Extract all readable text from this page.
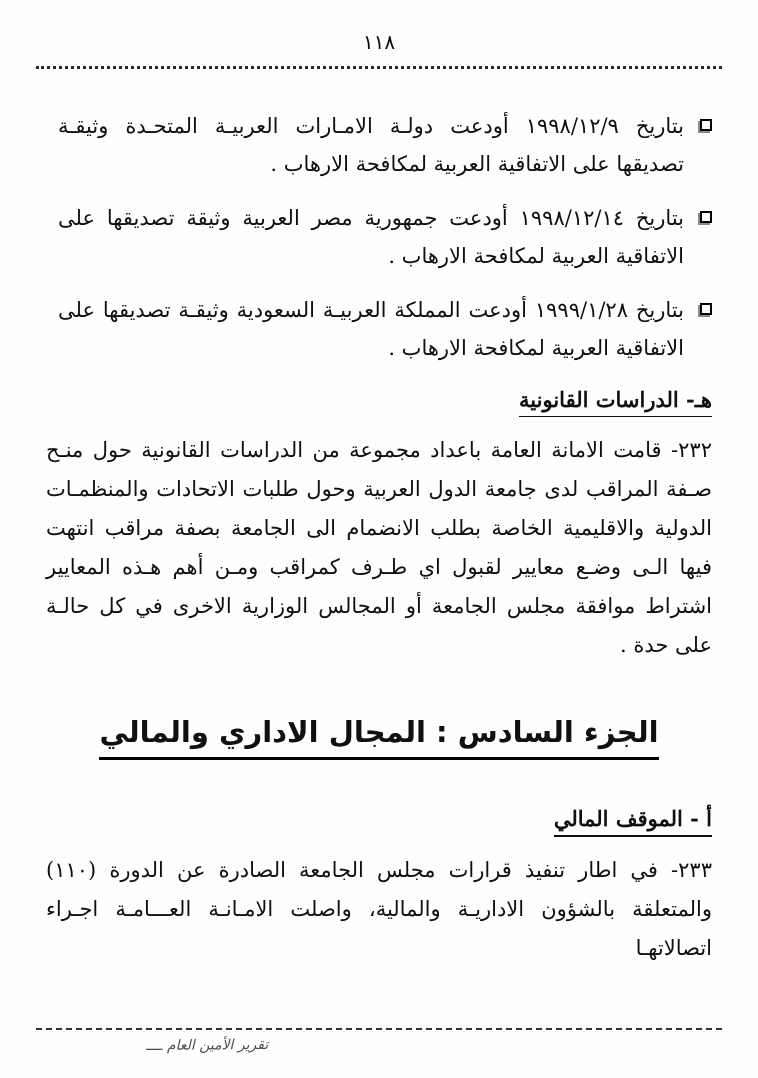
١١٨
بتاريخ ١٩٩٨/١٢/٩ أودعت دولـة الامـارات العربيـة المتحـدة وثيقـة تصديقها على الاتفاقية العربية لمكافحة الارهاب .
بتاريخ ١٩٩٨/١٢/١٤ أودعت جمهورية مصر العربية وثيقة تصديقها على الاتفاقية العربية لمكافحة الارهاب .
بتاريخ ١٩٩٩/١/٢٨ أودعت المملكة العربيـة السعودية وثيقـة تصديقها على الاتفاقية العربية لمكافحة الارهاب .
هـ- الدراسات القانونية

٢٣٢- قامت الامانة العامة باعداد مجموعة من الدراسات القانونية حول منـح صـفة المراقب لدى جامعة الدول العربية وحول طلبات الاتحادات والمنظمـات الدولية والاقليمية الخاصة بطلب الانضمام الى الجامعة بصفة مراقب انتهت فيها الـى وضـع معايير لقبول اي طـرف كمراقب ومـن أهم هـذه المعايير اشتراط موافقة مجلس الجامعة أو المجالس الوزارية الاخرى في كل حالـة على حدة .

الجزء السادس : المجال الاداري والمالي
أ - الموقف المالي

٢٣٣- في اطار تنفيذ قرارات مجلس الجامعة الصادرة عن الدورة (١١٠) والمتعلقة بالشؤون الاداريـة والمالية، واصلت الامـانـة العـــامـة اجـراء اتصالاتهـا

تقرير الأمين العام ــــ
